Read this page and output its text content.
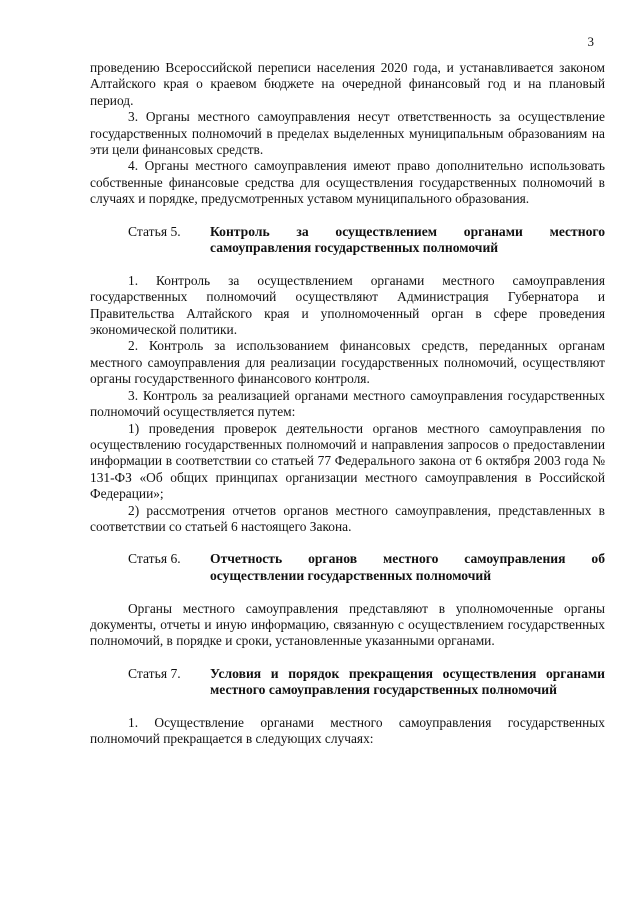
3

проведению Всероссийской переписи населения 2020 года, и устанавливается законом Алтайского края о краевом бюджете на очередной финансовый год и на плановый период.

3. Органы местного самоуправления несут ответственность за осуществление государственных полномочий в пределах выделенных муниципальным образованиям на эти цели финансовых средств.

4. Органы местного самоуправления имеют право дополнительно использовать собственные финансовые средства для осуществления государственных полномочий в случаях и порядке, предусмотренных уставом муниципального образования.

Статья 5.	Контроль за осуществлением органами местного самоуправления государственных полномочий

1. Контроль за осуществлением органами местного самоуправления государственных полномочий осуществляют Администрация Губернатора и Правительства Алтайского края и уполномоченный орган в сфере проведения экономической политики.

2. Контроль за использованием финансовых средств, переданных органам местного самоуправления для реализации государственных полномочий, осуществляют органы государственного финансового контроля.

3. Контроль за реализацией органами местного самоуправления государственных полномочий осуществляется путем:

1) проведения проверок деятельности органов местного самоуправления по осуществлению государственных полномочий и направления запросов о предоставлении информации в соответствии со статьей 77 Федерального закона от 6 октября 2003 года № 131-ФЗ «Об общих принципах организации местного самоуправления в Российской Федерации»;

2) рассмотрения отчетов органов местного самоуправления, представленных в соответствии со статьей 6 настоящего Закона.

Статья 6.	Отчетность органов местного самоуправления об осуществлении государственных полномочий

Органы местного самоуправления представляют в уполномоченные органы документы, отчеты и иную информацию, связанную с осуществлением государственных полномочий, в порядке и сроки, установленные указанными органами.

Статья 7.	Условия и порядок прекращения осуществления органами местного самоуправления государственных полномочий

1. Осуществление органами местного самоуправления государственных полномочий прекращается в следующих случаях:
